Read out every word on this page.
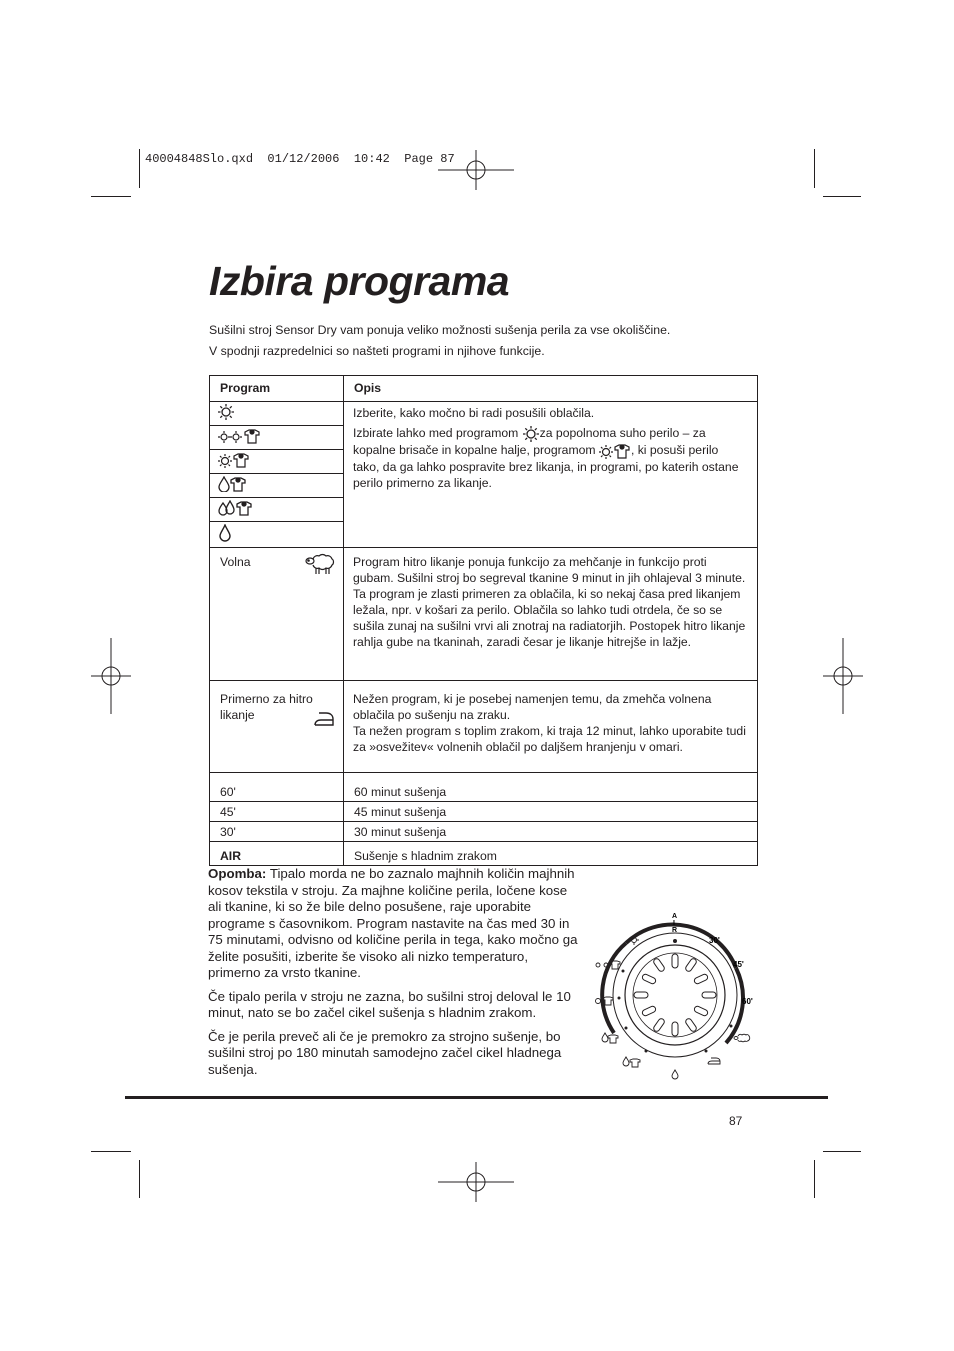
40004848Slo.qxd  01/12/2006  10:42  Page 87
Izbira programa

Sušilni stroj Sensor Dry vam ponuja veliko možnosti sušenja perila za vse okoliščine.

V spodnji razpredelnici so našteti programi in njihove funkcije.

Program	Opis

Izberite, kako močno bi radi posušili oblačila.
Izbirate lahko med programom za popolnoma suho perilo – za kopalne brisače in kopalne halje, programom , ki posuši perilo tako, da ga lahko pospravite brez likanja, in programi, po katerih ostane perilo primerno za likanje.

Volna	Program hitro likanje ponuja funkcijo za mehčanje in funkcijo proti gubam. Sušilni stroj bo segreval tkanine 9 minut in jih ohlajeval 3 minute. Ta program je zlasti primeren za oblačila, ki so nekaj časa pred likanjem ležala, npr. v košari za perilo. Oblačila so lahko tudi otrdela, če so se sušila zunaj na sušilni vrvi ali znotraj na radiatorjih. Postopek hitro likanje rahlja gube na tkaninah, zaradi česar je likanje hitrejše in lažje.
Primerno za hitro likanje	Nežen program, ki je posebej namenjen temu, da zmehča volnena oblačila po sušenju na zraku.
Ta nežen program s toplim zrakom, ki traja 12 minut, lahko uporabite tudi za »osvežitev« volnenih oblačil po daljšem hranjenju v omari.

60'	60 minut sušenja
45'	45 minut sušenja
30'	30 minut sušenja
AIR	Sušenje s hladnim zrakom

Opomba: Tipalo morda ne bo zaznalo majhnih količin majhnih kosov tekstila v stroju. Za majhne količine perila, ločene kose ali tkanine, ki so že bile delno posušene, raje uporabite programe s časovnikom. Program nastavite na čas med 30 in 75 minutami, odvisno od količine perila in tega, kako močno ga želite posušiti, izberite še visoko ali nizko temperaturo, primerno za vrsto tkanine.

Če tipalo perila v stroju ne zazna, bo sušilni stroj deloval le 10 minut, nato se bo začel cikel sušenja s hladnim zrakom.

Če je perila preveč ali če je premokro za strojno sušenje, bo sušilni stroj po 180 minutah samodejno začel cikel hladnega sušenja.

A
I
R
30'
45'
60'
87
